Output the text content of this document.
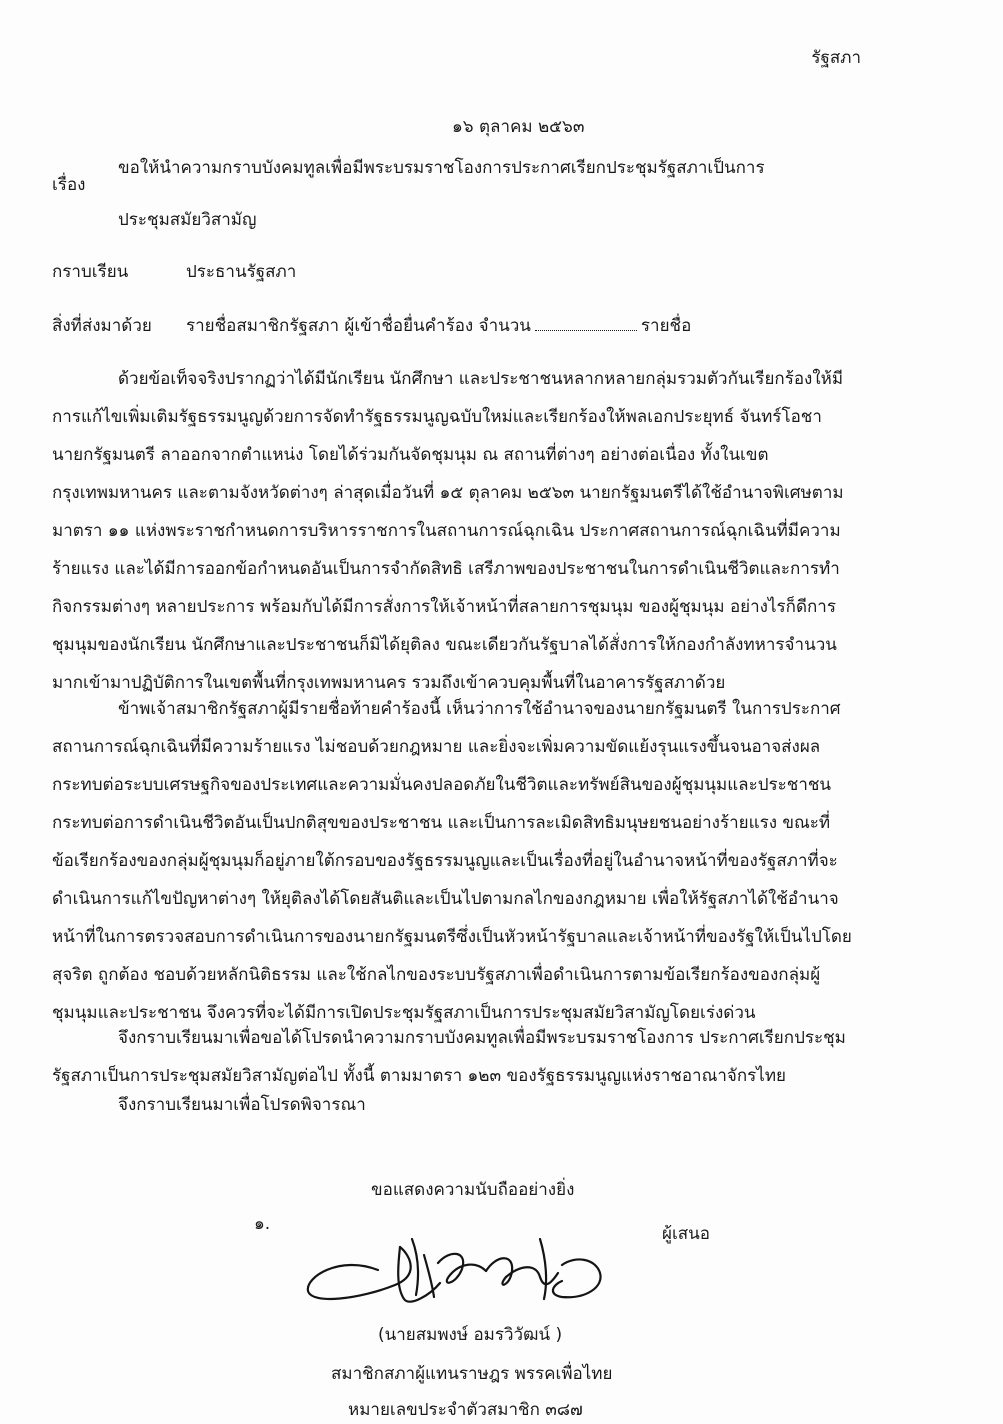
รัฐสภา
๑๖ ตุลาคม ๒๕๖๓
เรื่อง
ขอให้นำความกราบบังคมทูลเพื่อมีพระบรมราชโองการประกาศเรียกประชุมรัฐสภาเป็นการ
ประชุมสมัยวิสามัญ
กราบเรียน	ประธานรัฐสภา
สิ่งที่ส่งมาด้วย รายชื่อสมาชิกรัฐสภา ผู้เข้าชื่อยื่นคำร้อง จำนวน	รายชื่อ
ด้วยข้อเท็จจริงปรากฏว่าได้มีนักเรียน นักศึกษา และประชาชนหลากหลายกลุ่มรวมตัวกันเรียกร้องให้มี
การแก้ไขเพิ่มเติมรัฐธรรมนูญด้วยการจัดทำรัฐธรรมนูญฉบับใหม่และเรียกร้องให้พลเอกประยุทธ์ จันทร์โอชา
นายกรัฐมนตรี ลาออกจากตำแหน่ง โดยได้ร่วมกันจัดชุมนุม ณ สถานที่ต่างๆ อย่างต่อเนื่อง ทั้งในเขต
กรุงเทพมหานคร และตามจังหวัดต่างๆ ล่าสุดเมื่อวันที่ ๑๕ ตุลาคม ๒๕๖๓ นายกรัฐมนตรีได้ใช้อำนาจพิเศษตาม
มาตรา ๑๑ แห่งพระราชกำหนดการบริหารราชการในสถานการณ์ฉุกเฉิน ประกาศสถานการณ์ฉุกเฉินที่มีความ
ร้ายแรง และได้มีการออกข้อกำหนดอันเป็นการจำกัดสิทธิ เสรีภาพของประชาชนในการดำเนินชีวิตและการทำ
กิจกรรมต่างๆ หลายประการ พร้อมกับได้มีการสั่งการให้เจ้าหน้าที่สลายการชุมนุม ของผู้ชุมนุม อย่างไรก็ดีการ
ชุมนุมของนักเรียน นักศึกษาและประชาชนก็มิได้ยุติลง ขณะเดียวกันรัฐบาลได้สั่งการให้กองกำลังทหารจำนวน
มากเข้ามาปฏิบัติการในเขตพื้นที่กรุงเทพมหานคร รวมถึงเข้าควบคุมพื้นที่ในอาคารรัฐสภาด้วย
ข้าพเจ้าสมาชิกรัฐสภาผู้มีรายชื่อท้ายคำร้องนี้ เห็นว่าการใช้อำนาจของนายกรัฐมนตรี ในการประกาศ
สถานการณ์ฉุกเฉินที่มีความร้ายแรง ไม่ชอบด้วยกฎหมาย และยิ่งจะเพิ่มความขัดแย้งรุนแรงขึ้นจนอาจส่งผล
กระทบต่อระบบเศรษฐกิจของประเทศและความมั่นคงปลอดภัยในชีวิตและทรัพย์สินของผู้ชุมนุมและประชาชน
กระทบต่อการดำเนินชีวิตอันเป็นปกติสุขของประชาชน และเป็นการละเมิดสิทธิมนุษยชนอย่างร้ายแรง ขณะที่
ข้อเรียกร้องของกลุ่มผู้ชุมนุมก็อยู่ภายใต้กรอบของรัฐธรรมนูญและเป็นเรื่องที่อยู่ในอำนาจหน้าที่ของรัฐสภาที่จะ
ดำเนินการแก้ไขปัญหาต่างๆ ให้ยุติลงได้โดยสันติและเป็นไปตามกลไกของกฎหมาย เพื่อให้รัฐสภาได้ใช้อำนาจ
หน้าที่ในการตรวจสอบการดำเนินการของนายกรัฐมนตรีซึ่งเป็นหัวหน้ารัฐบาลและเจ้าหน้าที่ของรัฐให้เป็นไปโดย
สุจริต ถูกต้อง ชอบด้วยหลักนิติธรรม และใช้กลไกของระบบรัฐสภาเพื่อดำเนินการตามข้อเรียกร้องของกลุ่มผู้
ชุมนุมและประชาชน จึงควรที่จะได้มีการเปิดประชุมรัฐสภาเป็นการประชุมสมัยวิสามัญโดยเร่งด่วน
จึงกราบเรียนมาเพื่อขอได้โปรดนำความกราบบังคมทูลเพื่อมีพระบรมราชโองการ ประกาศเรียกประชุม
รัฐสภาเป็นการประชุมสมัยวิสามัญต่อไป ทั้งนี้ ตามมาตรา ๑๒๓ ของรัฐธรรมนูญแห่งราชอาณาจักรไทย
จึงกราบเรียนมาเพื่อโปรดพิจารณา
ขอแสดงความนับถืออย่างยิ่ง
๑.	ผู้เสนอ
(นายสมพงษ์ อมรวิวัฒน์ )
สมาชิกสภาผู้แทนราษฎร พรรคเพื่อไทย
หมายเลขประจำตัวสมาชิก ๓๘๗
